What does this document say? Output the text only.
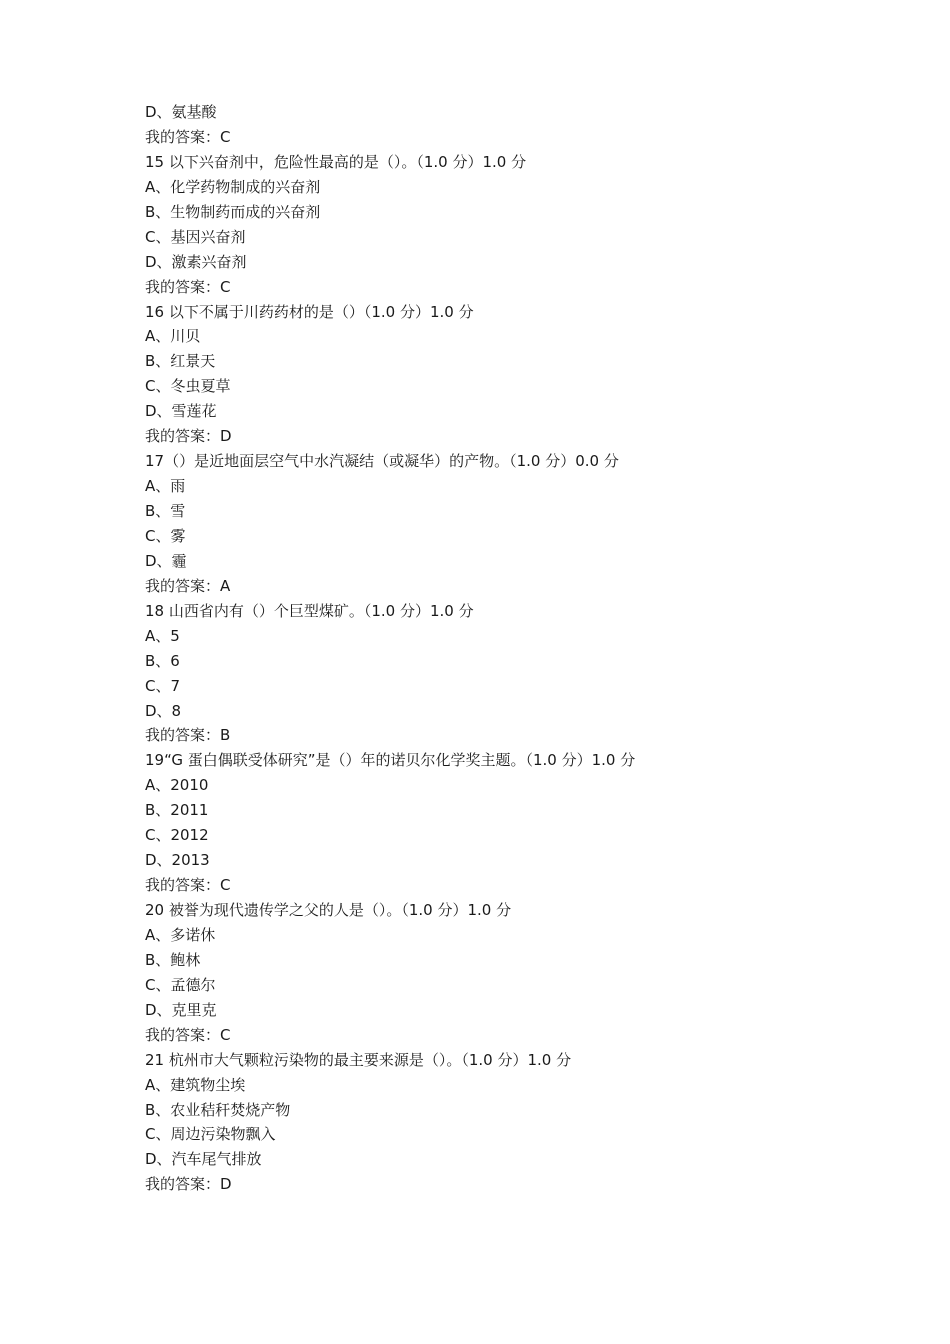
D、氨基酸
我的答案：C
15 以下兴奋剂中，危险性最高的是（）。（1.0 分）1.0 分
A、化学药物制成的兴奋剂
B、生物制药而成的兴奋剂
C、基因兴奋剂
D、激素兴奋剂
我的答案：C
16 以下不属于川药药材的是（）（1.0 分）1.0 分
A、川贝
B、红景天
C、冬虫夏草
D、雪莲花
我的答案：D
17（）是近地面层空气中水汽凝结（或凝华）的产物。（1.0 分）0.0 分
A、雨
B、雪
C、雾
D、霾
我的答案：A
18 山西省内有（）个巨型煤矿。（1.0 分）1.0 分
A、5
B、6
C、7
D、8
我的答案：B
19“G 蛋白偶联受体研究”是（）年的诺贝尔化学奖主题。（1.0 分）1.0 分
A、2010
B、2011
C、2012
D、2013
我的答案：C
20 被誉为现代遗传学之父的人是（）。（1.0 分）1.0 分
A、多诺休
B、鲍林
C、孟德尔
D、克里克
我的答案：C
21 杭州市大气颗粒污染物的最主要来源是（）。（1.0 分）1.0 分
A、建筑物尘埃
B、农业秸秆焚烧产物
C、周边污染物飘入
D、汽车尾气排放
我的答案：D
